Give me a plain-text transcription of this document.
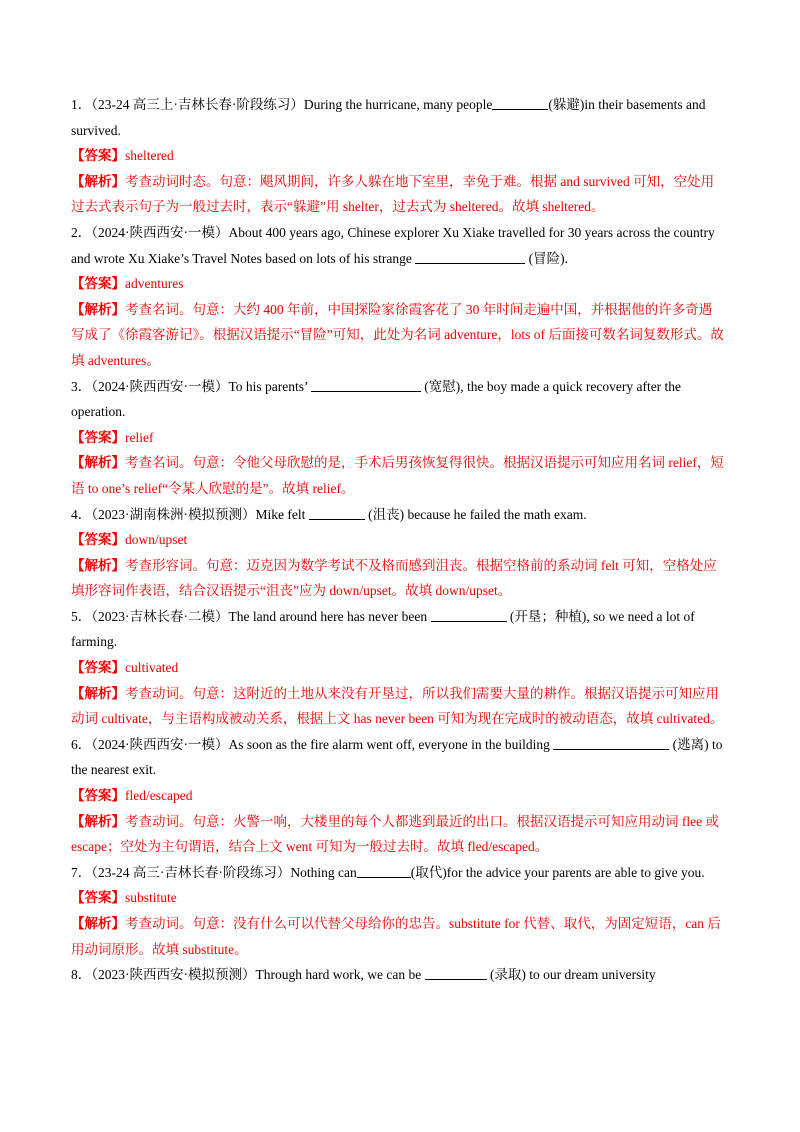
1．（23-24 高三上·吉林长春·阶段练习）During the hurricane, many people	(躲避)in their basements and survived.

【答案】sheltered

【解析】考查动词时态。句意：飓风期间，许多人躲在地下室里，幸免于难。根据 and survived 可知，空处用过去式表示句子为一般过去时，表示“躲避”用 shelter，过去式为 sheltered。故填 sheltered。

2．（2024·陕西西安·一模）About 400 years ago, Chinese explorer Xu Xiake travelled for 30 years across the country and wrote Xu Xiake’s Travel Notes based on lots of his strange	(冒险).

【答案】adventures

【解析】考查名词。句意：大约 400 年前，中国探险家徐霞客花了 30 年时间走遍中国，并根据他的许多奇遇写成了《徐霞客游记》。根据汉语提示“冒险”可知，此处为名词 adventure，lots of 后面接可数名词复数形式。故填 adventures。

3．（2024·陕西西安·一模）To his parents’	(宽慰), the boy made a quick recovery after the operation.

【答案】relief

【解析】考查名词。句意：令他父母欣慰的是，手术后男孩恢复得很快。根据汉语提示可知应用名词 relief，短语 to one’s relief“令某人欣慰的是”。故填 relief。

4．（2023·湖南株洲·模拟预测）Mike felt	(沮丧) because he failed the math exam.

【答案】down/upset

【解析】考查形容词。句意：迈克因为数学考试不及格而感到沮丧。根据空格前的系动词 felt 可知，空格处应填形容词作表语，结合汉语提示“沮丧”应为 down/upset。故填 down/upset。

5．（2023·吉林长春·二模）The land around here has never been	(开垦；种植), so we need a lot of farming.

【答案】cultivated

【解析】考查动词。句意：这附近的土地从来没有开垦过，所以我们需要大量的耕作。根据汉语提示可知应用动词 cultivate，与主语构成被动关系，根据上文 has never been 可知为现在完成时的被动语态，故填 cultivated。

6．（2024·陕西西安·一模）As soon as the fire alarm went off, everyone in the building	(逃离) to the nearest exit.

【答案】fled/escaped

【解析】考查动词。句意：火警一响，大楼里的每个人都逃到最近的出口。根据汉语提示可知应用动词 flee 或 escape；空处为主句谓语，结合上文 went 可知为一般过去时。故填 fled/escaped。

7．（23-24 高三·吉林长春·阶段练习）Nothing can	(取代)for the advice your parents are able to give you.

【答案】substitute

【解析】考查动词。句意：没有什么可以代替父母给你的忠告。substitute for 代替、取代，为固定短语，can 后用动词原形。故填 substitute。

8．（2023·陕西西安·模拟预测）Through hard work, we can be	(录取) to our dream university
